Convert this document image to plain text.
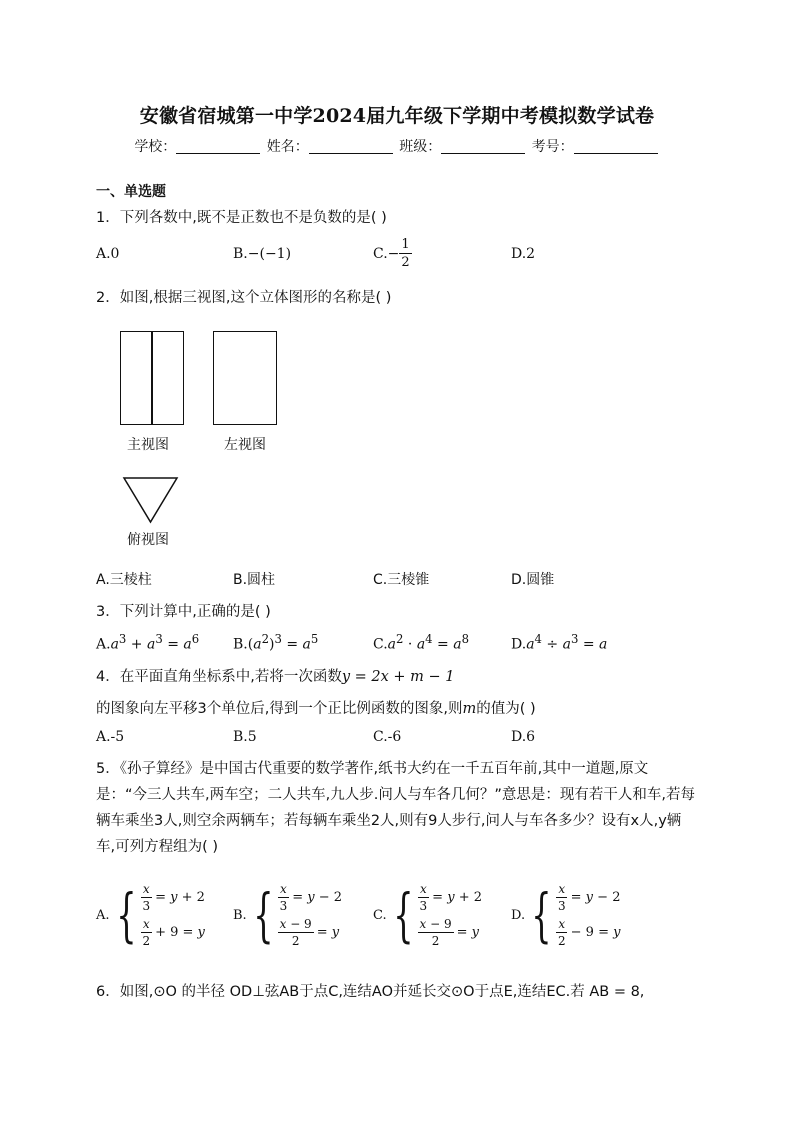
安徽省宿城第一中学2024届九年级下学期中考模拟数学试卷
学校：	姓名：	班级：	考号：
一、单选题
1．下列各数中,既不是正数也不是负数的是( )
A.0	B.−(−1)	$C.- \frac{1}{2}$	D.2
2．如图,根据三视图,这个立体图形的名称是( )
主视图	左视图
俯视图
A.三棱柱	B.圆柱	C.三棱锥	D.圆锥
3．下列计算中,正确的是( )
$A.a^3 + a^3 = a^6$ $B.(a^2)^3 = a^5$	$C.a^2 \cdot a^4 = a^8$	$D.a^4 \div a^3 = a$
4．在平面直角坐标系中,若将一次函数y = 2x + m − 1
的图象向左平移3个单位后,得到一个正比例函数的图象,则m的值为( )
A.-5	B.5	C.-6	D.6
5．《孙子算经》是中国古代重要的数学著作,纸书大约在一千五百年前,其中一道题,原文是：“今三人共车,两车空；二人共车,九人步.问人与车各几何？”意思是：现有若干人和车,若每辆车乘坐3人,则空余两辆车；若每辆车乘坐2人,则有9人步行,问人与车各多少？设有x人,y辆车,可列方程组为( )
A. { $\frac{x}{3} = y + 2$
$\frac{x}{2} + 9 = y$
B. { $\frac{x}{3} = y - 2$
$\frac{x - 9}{2} = y$
C. { $\frac{x}{3} = y + 2$
$\frac{x - 9}{2} = y$
D. { $\frac{x}{3} = y - 2$
$\frac{x}{2} - 9 = y$
6．如图,⊙O 的半径 OD⊥弦AB于点C,连结AO并延长交⊙O于点E,连结EC.若 AB = 8,
